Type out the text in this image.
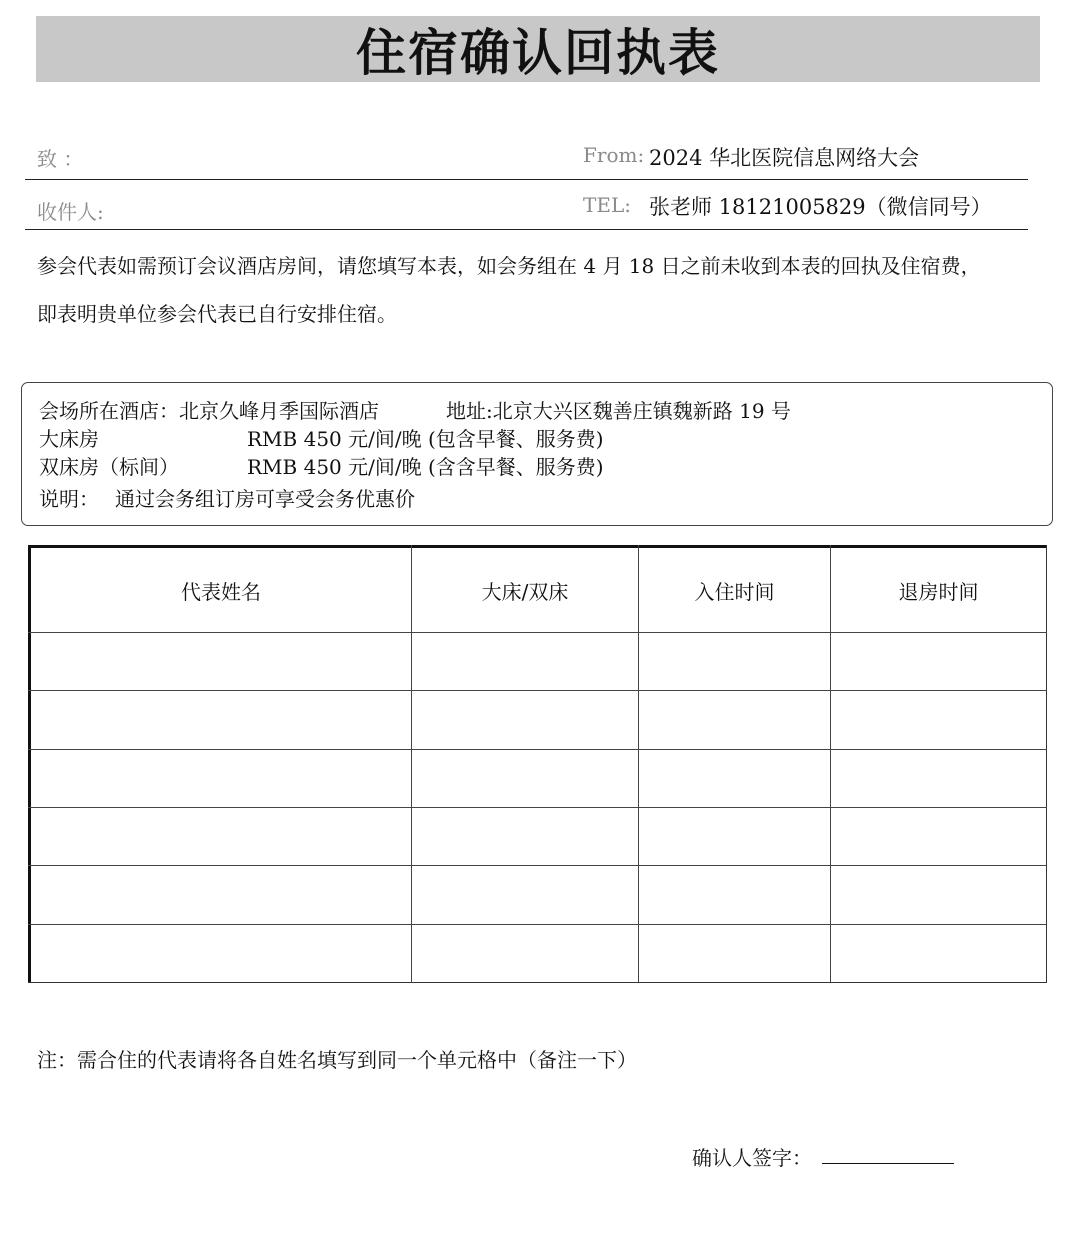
住宿确认回执表
致 ：	From: 2024 华北医院信息网络大会
收件人:	TEL: 张老师 18121005829（微信同号）
参会代表如需预订会议酒店房间，请您填写本表，如会务组在 4 月 18 日之前未收到本表的回执及住宿费，
即表明贵单位参会代表已自行安排住宿。
会场所在酒店：北京久峰月季国际酒店	地址:北京大兴区魏善庄镇魏新路 19 号
大床房	RMB 450 元/间/晚 (包含早餐、服务费)
双床房（标间）	RMB 450 元/间/晚 (含含早餐、服务费)
说明： 通过会务组订房可享受会务优惠价
代表姓名	大床/双床	入住时间	退房时间
注：需合住的代表请将各自姓名填写到同一个单元格中（备注一下）
确认人签字：
